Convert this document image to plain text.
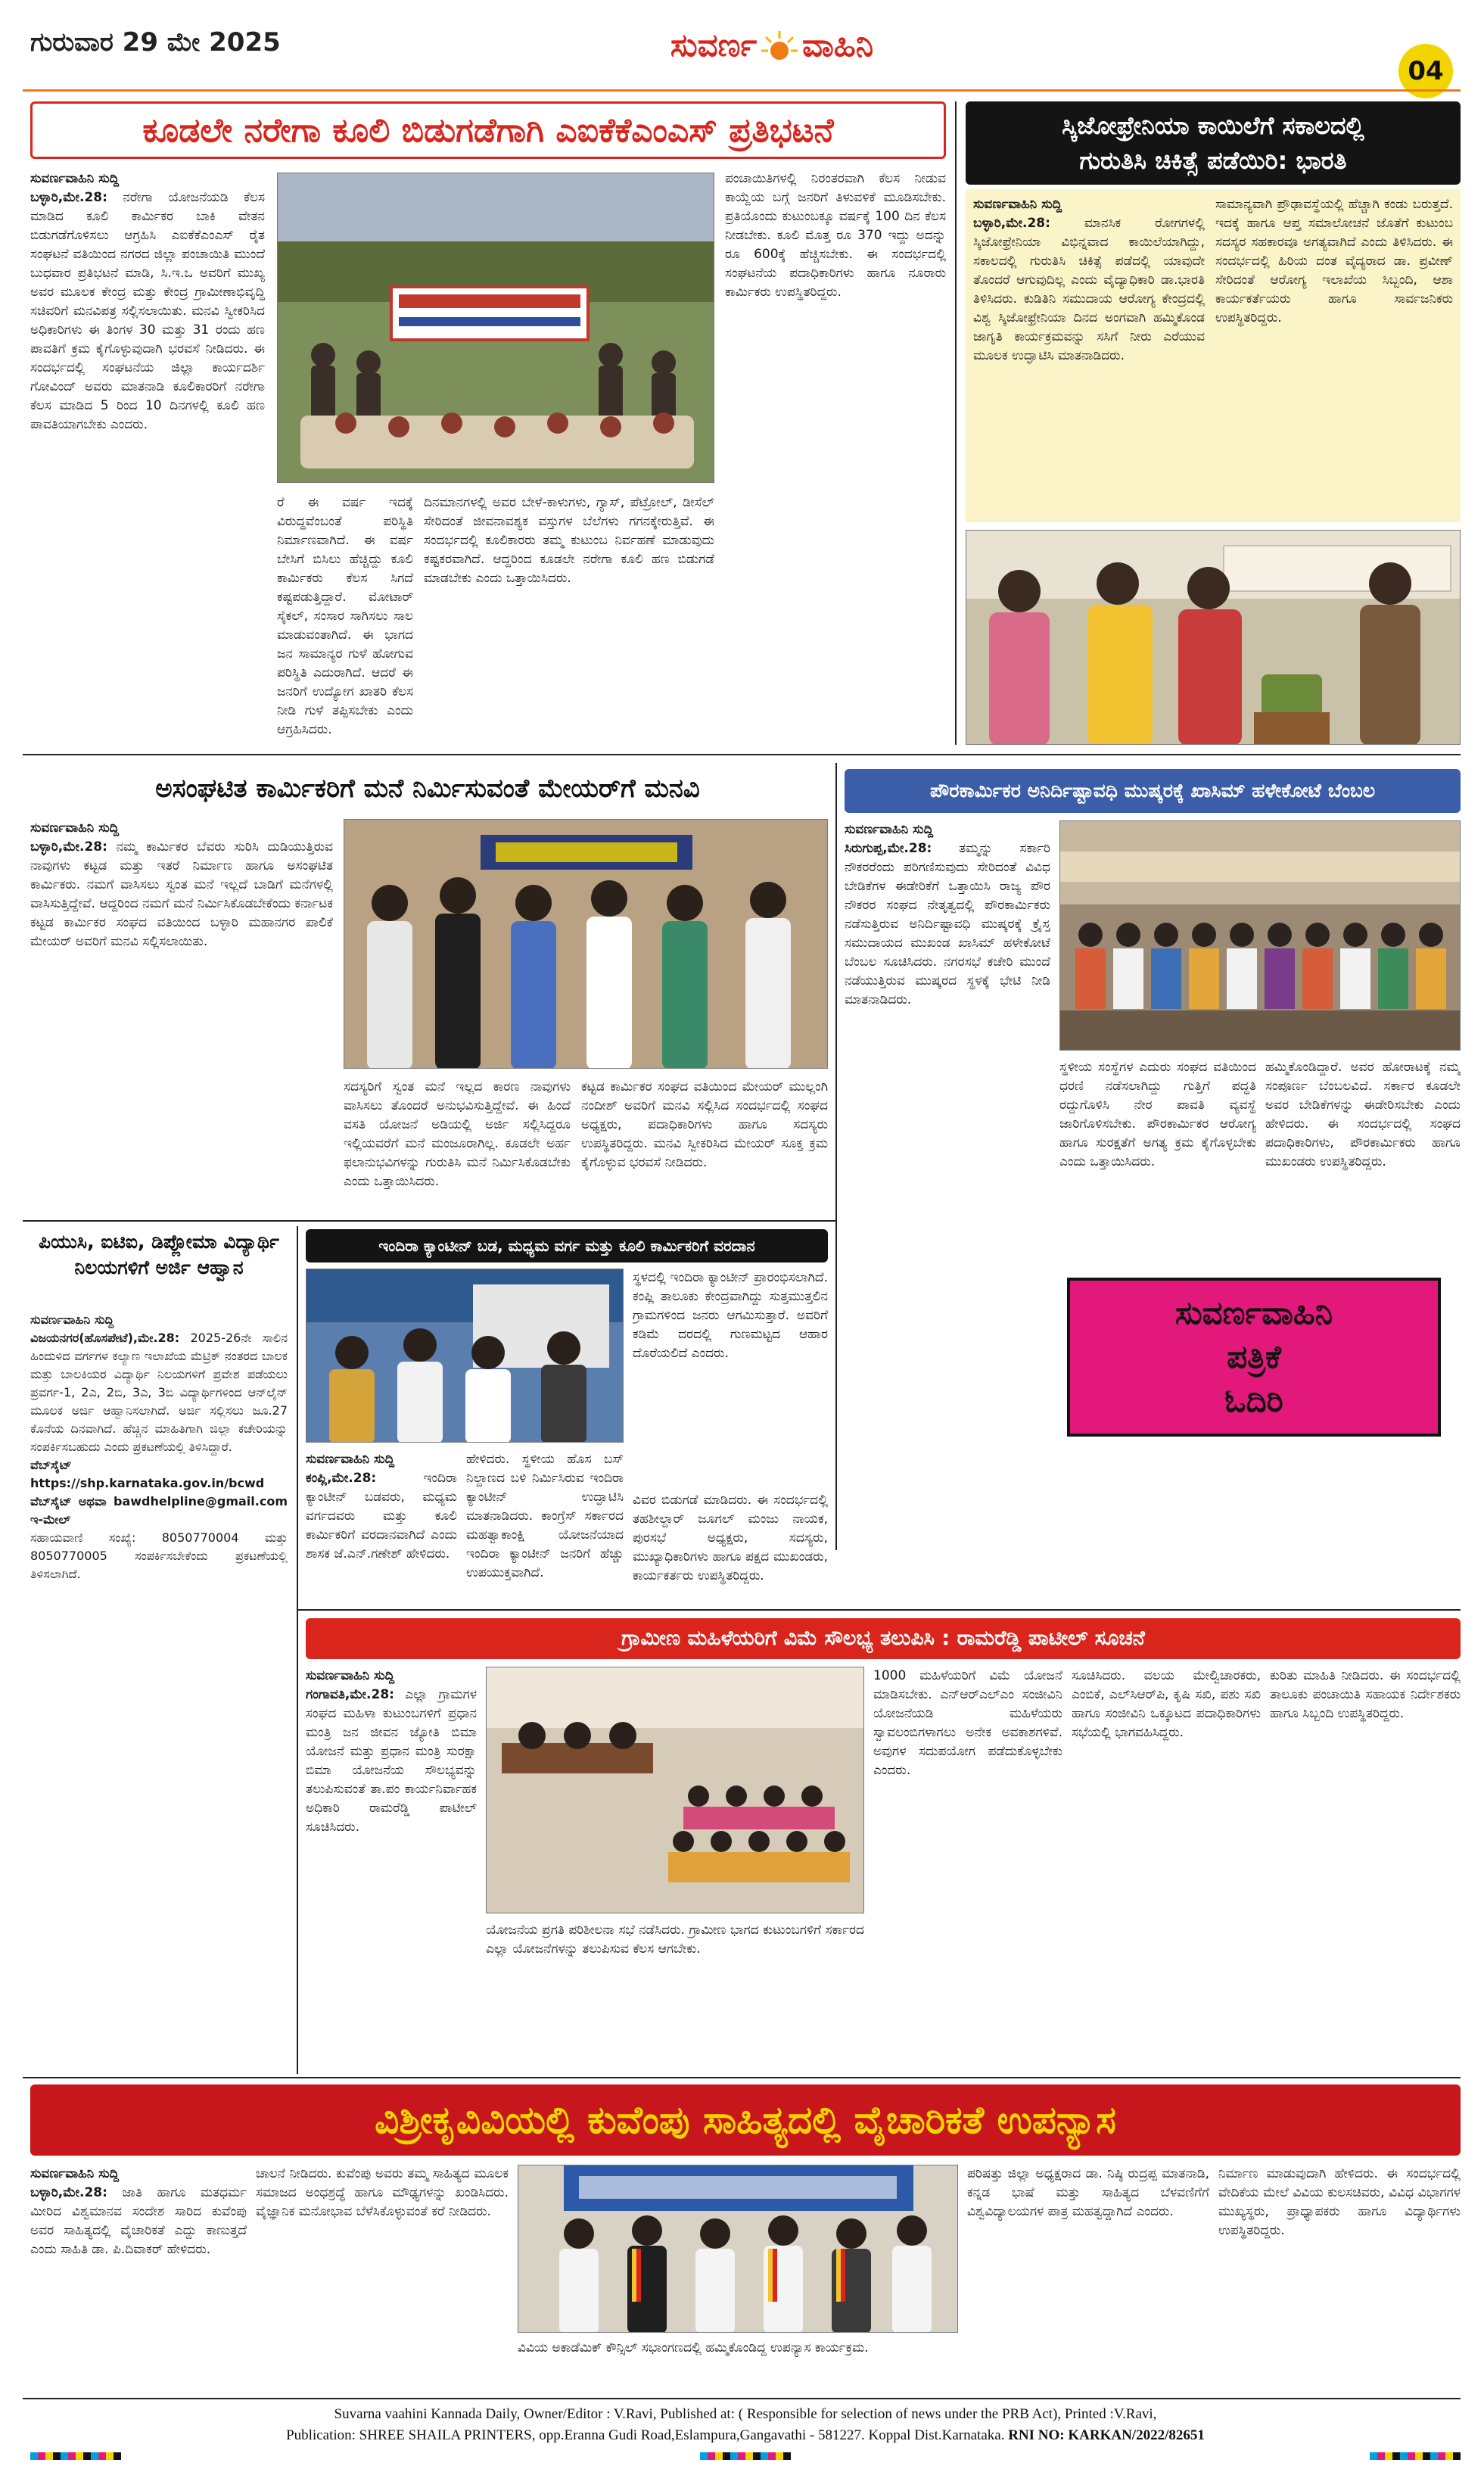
ಗುರುವಾರ 29 ಮೇ 2025	ಸುವರ್ಣ ವಾಹಿನಿ
04
ಕೂಡಲೇ ನರೇಗಾ ಕೂಲಿ ಬಿಡುಗಡೆಗಾಗಿ ಎಐಕೆಕೆಎಂಎಸ್ ಪ್ರತಿಭಟನೆ
ಸುವರ್ಣವಾಹಿನಿ ಸುದ್ದಿ
ಬಳ್ಳಾರಿ,ಮೇ.28: ನರೇಗಾ ಯೋಜನೆಯಡಿ ಕೆಲಸ ಮಾಡಿದ ಕೂಲಿ ಕಾರ್ಮಿಕರ ಬಾಕಿ ವೇತನ ಬಿಡುಗಡೆಗೊಳಿಸಲು ಆಗ್ರಹಿಸಿ ಎಐಕೆಕೆಎಂಎಸ್ ರೈತ ಸಂಘಟನೆ ವತಿಯಿಂದ ನಗರದ ಜಿಲ್ಲಾ ಪಂಚಾಯಿತಿ ಮುಂದೆ ಬುಧವಾರ ಪ್ರತಿಭಟನೆ ಮಾಡಿ, ಸಿ.ಇ.ಒ ಅವರಿಗೆ ಮುಖ್ಯ ಅವರ ಮೂಲಕ ಕೇಂದ್ರ ಮತ್ತು ಕೇಂದ್ರ ಗ್ರಾಮೀಣಾಭಿವೃದ್ಧಿ ಸಚಿವರಿಗೆ ಮನವಿಪತ್ರ ಸಲ್ಲಿಸಲಾಯಿತು. ಮನವಿ ಸ್ವೀಕರಿಸಿದ ಅಧಿಕಾರಿಗಳು ಈ ತಿಂಗಳ 30 ಮತ್ತು 31 ರಂದು ಹಣ ಪಾವತಿಗೆ ಕ್ರಮ ಕೈಗೊಳ್ಳುವುದಾಗಿ ಭರವಸೆ ನೀಡಿದರು. ಈ ಸಂದರ್ಭದಲ್ಲಿ ಸಂಘಟನೆಯ ಜಿಲ್ಲಾ ಕಾರ್ಯದರ್ಶಿ ಗೋವಿಂದ್ ಅವರು ಮಾತನಾಡಿ ಕೂಲಿಕಾರರಿಗೆ ನರೇಗಾ ಕೆಲಸ ಮಾಡಿದ 5 ರಿಂದ 10 ದಿನಗಳಲ್ಲಿ ಕೂಲಿ ಹಣ ಪಾವತಿಯಾಗಬೇಕು ಎಂದರು.
ರೆ ಈ ವರ್ಷ ಇದಕ್ಕೆ ವಿರುದ್ಧವೆಂಬಂತೆ ಪರಿಸ್ಥಿತಿ ನಿರ್ಮಾಣವಾಗಿದೆ. ಈ ವರ್ಷ ಬೇಸಿಗೆ ಬಿಸಿಲು ಹೆಚ್ಚಿದ್ದು ಕೂಲಿ ಕಾರ್ಮಿಕರು ಕೆಲಸ ಸಿಗದೆ ಕಷ್ಟಪಡುತ್ತಿದ್ದಾರೆ. ಮೋಟಾರ್ ಸೈಕಲ್, ಸಂಸಾರ ಸಾಗಿಸಲು ಸಾಲ ಮಾಡುವಂತಾಗಿದೆ. ಈ ಭಾಗದ ಜನ ಸಾಮಾನ್ಯರ ಗುಳೆ ಹೋಗುವ ಪರಿಸ್ಥಿತಿ ಎದುರಾಗಿದೆ. ಆದರೆ ಈ ಜನರಿಗೆ ಉದ್ಯೋಗ ಖಾತರಿ ಕೆಲಸ ನೀಡಿ ಗುಳೆ ತಪ್ಪಿಸಬೇಕು ಎಂದು ಆಗ್ರಹಿಸಿದರು.
ದಿನಮಾನಗಳಲ್ಲಿ ಅವರ ಬೇಳೆ-ಕಾಳುಗಳು, ಗ್ಯಾಸ್, ಪೆಟ್ರೋಲ್, ಡೀಸೆಲ್ ಸೇರಿದಂತೆ ಜೀವನಾವಶ್ಯಕ ವಸ್ತುಗಳ ಬೆಲೆಗಳು ಗಗನಕ್ಕೇರುತ್ತಿವೆ. ಈ ಸಂದರ್ಭದಲ್ಲಿ ಕೂಲಿಕಾರರು ತಮ್ಮ ಕುಟುಂಬ ನಿರ್ವಹಣೆ ಮಾಡುವುದು ಕಷ್ಟಕರವಾಗಿದೆ. ಆದ್ದರಿಂದ ಕೂಡಲೇ ನರೇಗಾ ಕೂಲಿ ಹಣ ಬಿಡುಗಡೆ ಮಾಡಬೇಕು ಎಂದು ಒತ್ತಾಯಿಸಿದರು.
ಪಂಚಾಯಿತಿಗಳಲ್ಲಿ ನಿರಂತರವಾಗಿ ಕೆಲಸ ನೀಡುವ ಕಾಯ್ದೆಯ ಬಗ್ಗೆ ಜನರಿಗೆ ತಿಳುವಳಿಕೆ ಮೂಡಿಸಬೇಕು. ಪ್ರತಿಯೊಂದು ಕುಟುಂಬಕ್ಕೂ ವರ್ಷಕ್ಕೆ 100 ದಿನ ಕೆಲಸ ನೀಡಬೇಕು. ಕೂಲಿ ಮೊತ್ತ ರೂ 370 ಇದ್ದು ಅದನ್ನು ರೂ 600ಕ್ಕೆ ಹೆಚ್ಚಿಸಬೇಕು. ಈ ಸಂದರ್ಭದಲ್ಲಿ ಸಂಘಟನೆಯ ಪದಾಧಿಕಾರಿಗಳು ಹಾಗೂ ನೂರಾರು ಕಾರ್ಮಿಕರು ಉಪಸ್ಥಿತರಿದ್ದರು.
ಸ್ಕಿಜೋಫ್ರೇನಿಯಾ ಕಾಯಿಲೆಗೆ ಸಕಾಲದಲ್ಲಿ
ಗುರುತಿಸಿ ಚಿಕಿತ್ಸೆ ಪಡೆಯಿರಿ: ಭಾರತಿ
ಸುವರ್ಣವಾಹಿನಿ ಸುದ್ದಿ
ಬಳ್ಳಾರಿ,ಮೇ.28:	ಮಾನಸಿಕ ರೋಗಗಳಲ್ಲಿ ಸ್ಕಿಜೋಫ್ರೇನಿಯಾ ವಿಭಿನ್ನವಾದ ಕಾಯಿಲೆಯಾಗಿದ್ದು, ಸಕಾಲದಲ್ಲಿ ಗುರುತಿಸಿ ಚಿಕಿತ್ಸೆ ಪಡೆದಲ್ಲಿ ಯಾವುದೇ ತೊಂದರೆ ಆಗುವುದಿಲ್ಲ ಎಂದು ವೈದ್ಯಾಧಿಕಾರಿ ಡಾ.ಭಾರತಿ ತಿಳಿಸಿದರು. ಕುಡಿತಿನಿ ಸಮುದಾಯ ಆರೋಗ್ಯ ಕೇಂದ್ರದಲ್ಲಿ ವಿಶ್ವ ಸ್ಕಿಜೋಫ್ರೇನಿಯಾ ದಿನದ ಅಂಗವಾಗಿ ಹಮ್ಮಿಕೊಂಡ ಜಾಗೃತಿ ಕಾರ್ಯಕ್ರಮವನ್ನು ಸಸಿಗೆ ನೀರು ಎರೆಯುವ ಮೂಲಕ ಉದ್ಘಾಟಿಸಿ ಮಾತನಾಡಿದರು.
ಸಾಮಾನ್ಯವಾಗಿ ಪ್ರೌಢಾವಸ್ಥೆಯಲ್ಲಿ ಹೆಚ್ಚಾಗಿ ಕಂಡು ಬರುತ್ತದೆ. ಇದಕ್ಕೆ ಹಾಗೂ ಆಪ್ತ ಸಮಾಲೋಚನೆ ಜೊತೆಗೆ ಕುಟುಂಬ ಸದಸ್ಯರ ಸಹಕಾರವೂ ಅಗತ್ಯವಾಗಿದೆ ಎಂದು ತಿಳಿಸಿದರು. ಈ ಸಂದರ್ಭದಲ್ಲಿ ಹಿರಿಯ ದಂತ ವೈದ್ಯರಾದ ಡಾ. ಪ್ರವೀಣ್ ಸೇರಿದಂತೆ ಆರೋಗ್ಯ ಇಲಾಖೆಯ ಸಿಬ್ಬಂದಿ, ಆಶಾ ಕಾರ್ಯಕರ್ತೆಯರು ಹಾಗೂ ಸಾರ್ವಜನಿಕರು ಉಪಸ್ಥಿತರಿದ್ದರು.
ಅಸಂಘಟಿತ ಕಾರ್ಮಿಕರಿಗೆ ಮನೆ ನಿರ್ಮಿಸುವಂತೆ ಮೇಯರ್‌ಗೆ ಮನವಿ
ಸುವರ್ಣವಾಹಿನಿ ಸುದ್ದಿ
ಬಳ್ಳಾರಿ,ಮೇ.28: ನಮ್ಮ ಕಾರ್ಮಿಕರ ಬೆವರು ಸುರಿಸಿ ದುಡಿಯುತ್ತಿರುವ ನಾವುಗಳು ಕಟ್ಟಡ ಮತ್ತು ಇತರೆ ನಿರ್ಮಾಣ ಹಾಗೂ ಅಸಂಘಟಿತ ಕಾರ್ಮಿಕರು. ನಮಗೆ ವಾಸಿಸಲು ಸ್ವಂತ ಮನೆ ಇಲ್ಲದೆ ಬಾಡಿಗೆ ಮನೆಗಳಲ್ಲಿ ವಾಸಿಸುತ್ತಿದ್ದೇವೆ. ಆದ್ದರಿಂದ ನಮಗೆ ಮನೆ ನಿರ್ಮಿಸಿಕೊಡಬೇಕೆಂದು ಕರ್ನಾಟಕ ಕಟ್ಟಡ ಕಾರ್ಮಿಕರ ಸಂಘದ ವತಿಯಿಂದ ಬಳ್ಳಾರಿ ಮಹಾನಗರ ಪಾಲಿಕೆ ಮೇಯರ್ ಅವರಿಗೆ ಮನವಿ ಸಲ್ಲಿಸಲಾಯಿತು.
ಸದಸ್ಯರಿಗೆ ಸ್ವಂತ ಮನೆ ಇಲ್ಲದ ಕಾರಣ ನಾವುಗಳು ವಾಸಿಸಲು ತೊಂದರೆ ಅನುಭವಿಸುತ್ತಿದ್ದೇವೆ. ಈ ಹಿಂದೆ ವಸತಿ ಯೋಜನೆ ಅಡಿಯಲ್ಲಿ ಅರ್ಜಿ ಸಲ್ಲಿಸಿದ್ದರೂ ಇಲ್ಲಿಯವರೆಗೆ ಮನೆ ಮಂಜೂರಾಗಿಲ್ಲ. ಕೂಡಲೇ ಅರ್ಹ ಫಲಾನುಭವಿಗಳನ್ನು ಗುರುತಿಸಿ ಮನೆ ನಿರ್ಮಿಸಿಕೊಡಬೇಕು ಎಂದು ಒತ್ತಾಯಿಸಿದರು.
ಕಟ್ಟಡ ಕಾರ್ಮಿಕರ ಸಂಘದ ವತಿಯಿಂದ ಮೇಯರ್ ಮುಲ್ಲಂಗಿ ನಂದೀಶ್ ಅವರಿಗೆ ಮನವಿ ಸಲ್ಲಿಸಿದ ಸಂದರ್ಭದಲ್ಲಿ ಸಂಘದ ಅಧ್ಯಕ್ಷರು, ಪದಾಧಿಕಾರಿಗಳು ಹಾಗೂ ಸದಸ್ಯರು ಉಪಸ್ಥಿತರಿದ್ದರು. ಮನವಿ ಸ್ವೀಕರಿಸಿದ ಮೇಯರ್ ಸೂಕ್ತ ಕ್ರಮ ಕೈಗೊಳ್ಳುವ ಭರವಸೆ ನೀಡಿದರು.
ಪೌರಕಾರ್ಮಿಕರ ಅನಿರ್ದಿಷ್ಟಾವಧಿ ಮುಷ್ಕರಕ್ಕೆ ಖಾಸಿಮ್ ಹಳೇಕೋಟೆ ಬೆಂಬಲ
ಸುವರ್ಣವಾಹಿನಿ ಸುದ್ದಿ
ಸಿರುಗುಪ್ಪ,ಮೇ.28: ತಮ್ಮನ್ನು ಸರ್ಕಾರಿ ನೌಕರರೆಂದು ಪರಿಗಣಿಸುವುದು ಸೇರಿದಂತೆ ವಿವಿಧ ಬೇಡಿಕೆಗಳ ಈಡೇರಿಕೆಗೆ ಒತ್ತಾಯಿಸಿ ರಾಜ್ಯ ಪೌರ ನೌಕರರ ಸಂಘದ ನೇತೃತ್ವದಲ್ಲಿ ಪೌರಕಾರ್ಮಿಕರು ನಡೆಸುತ್ತಿರುವ ಅನಿರ್ದಿಷ್ಟಾವಧಿ ಮುಷ್ಕರಕ್ಕೆ ಕ್ರೈಸ್ತ ಸಮುದಾಯದ ಮುಖಂಡ ಖಾಸಿಮ್ ಹಳೇಕೋಟೆ ಬೆಂಬಲ ಸೂಚಿಸಿದರು. ನಗರಸಭೆ ಕಚೇರಿ ಮುಂದೆ ನಡೆಯುತ್ತಿರುವ ಮುಷ್ಕರದ ಸ್ಥಳಕ್ಕೆ ಭೇಟಿ ನೀಡಿ ಮಾತನಾಡಿದರು.
ಸ್ಥಳೀಯ ಸಂಸ್ಥೆಗಳ ಎದುರು ಸಂಘದ ವತಿಯಿಂದ ಧರಣಿ ನಡೆಸಲಾಗಿದ್ದು ಗುತ್ತಿಗೆ ಪದ್ಧತಿ ರದ್ದುಗೊಳಿಸಿ ನೇರ ಪಾವತಿ ವ್ಯವಸ್ಥೆ ಜಾರಿಗೊಳಿಸಬೇಕು. ಪೌರಕಾರ್ಮಿಕರ ಆರೋಗ್ಯ ಹಾಗೂ ಸುರಕ್ಷತೆಗೆ ಅಗತ್ಯ ಕ್ರಮ ಕೈಗೊಳ್ಳಬೇಕು ಎಂದು ಒತ್ತಾಯಿಸಿದರು.
ಹಮ್ಮಿಕೊಂಡಿದ್ದಾರೆ. ಅವರ ಹೋರಾಟಕ್ಕೆ ನಮ್ಮ ಸಂಪೂರ್ಣ ಬೆಂಬಲವಿದೆ. ಸರ್ಕಾರ ಕೂಡಲೇ ಅವರ ಬೇಡಿಕೆಗಳನ್ನು ಈಡೇರಿಸಬೇಕು ಎಂದು ಹೇಳಿದರು. ಈ ಸಂದರ್ಭದಲ್ಲಿ ಸಂಘದ ಪದಾಧಿಕಾರಿಗಳು, ಪೌರಕಾರ್ಮಿಕರು ಹಾಗೂ ಮುಖಂಡರು ಉಪಸ್ಥಿತರಿದ್ದರು.
ಪಿಯುಸಿ, ಐಟಿಐ, ಡಿಪ್ಲೋಮಾ ವಿದ್ಯಾರ್ಥಿ ನಿಲಯಗಳಿಗೆ ಅರ್ಜಿ ಆಹ್ವಾನ
ಸುವರ್ಣವಾಹಿನಿ ಸುದ್ದಿ
ವಿಜಯನಗರ(ಹೊಸಪೇಟೆ),ಮೇ.28: 2025-26ನೇ ಸಾಲಿನ ಹಿಂದುಳಿದ ವರ್ಗಗಳ ಕಲ್ಯಾಣ ಇಲಾಖೆಯ ಮೆಟ್ರಿಕ್ ನಂತರದ ಬಾಲಕ ಮತ್ತು ಬಾಲಕಿಯರ ವಿದ್ಯಾರ್ಥಿ ನಿಲಯಗಳಿಗೆ ಪ್ರವೇಶ ಪಡೆಯಲು ಪ್ರವರ್ಗ-1, 2ಎ, 2ಬಿ, 3ಎ, 3ಬಿ ವಿದ್ಯಾರ್ಥಿಗಳಿಂದ ಆನ್‌ಲೈನ್ ಮೂಲಕ ಅರ್ಜಿ ಆಹ್ವಾನಿಸಲಾಗಿದೆ. ಅರ್ಜಿ ಸಲ್ಲಿಸಲು ಜೂ.27 ಕೊನೆಯ ದಿನವಾಗಿದೆ. ಹೆಚ್ಚಿನ ಮಾಹಿತಿಗಾಗಿ ಜಿಲ್ಲಾ ಕಚೇರಿಯನ್ನು ಸಂಪರ್ಕಿಸಬಹುದು ಎಂದು ಪ್ರಕಟಣೆಯಲ್ಲಿ ತಿಳಿಸಿದ್ದಾರೆ.
ವೆಬ್‌ಸೈಟ್ https://shp.karnataka.gov.in/bcwd ವೆಬ್‌ಸೈಟ್ ಅಥವಾ bawdhelpline@gmail.com ಇ-ಮೇಲ್
ಸಹಾಯವಾಣಿ ಸಂಖ್ಯೆ: 8050770004 ಮತ್ತು 8050770005 ಸಂಪರ್ಕಿಸಬೇಕೆಂದು ಪ್ರಕಟಣೆಯಲ್ಲಿ ತಿಳಿಸಲಾಗಿದೆ.
ಇಂದಿರಾ ಕ್ಯಾಂಟೀನ್ ಬಡ, ಮಧ್ಯಮ ವರ್ಗ ಮತ್ತು ಕೂಲಿ ಕಾರ್ಮಿಕರಿಗೆ ವರದಾನ
ಸ್ಥಳದಲ್ಲಿ ಇಂದಿರಾ ಕ್ಯಾಂಟೀನ್ ಪ್ರಾರಂಭಿಸಲಾಗಿದೆ. ಕಂಪ್ಲಿ ತಾಲೂಕು ಕೇಂದ್ರವಾಗಿದ್ದು ಸುತ್ತಮುತ್ತಲಿನ ಗ್ರಾಮಗಳಿಂದ ಜನರು ಆಗಮಿಸುತ್ತಾರೆ. ಅವರಿಗೆ ಕಡಿಮೆ ದರದಲ್ಲಿ ಗುಣಮಟ್ಟದ ಆಹಾರ ದೊರೆಯಲಿದೆ ಎಂದರು.
ಸುವರ್ಣವಾಹಿನಿ ಸುದ್ದಿ
ಕಂಪ್ಲಿ,ಮೇ.28:	ಇಂದಿರಾ ಕ್ಯಾಂಟೀನ್ ಬಡವರು, ಮಧ್ಯಮ ವರ್ಗದವರು ಮತ್ತು ಕೂಲಿ ಕಾರ್ಮಿಕರಿಗೆ ವರದಾನವಾಗಿದೆ ಎಂದು ಶಾಸಕ ಜೆ.ಎನ್.ಗಣೇಶ್ ಹೇಳಿದರು.
ಹೇಳಿದರು. ಸ್ಥಳೀಯ ಹೊಸ ಬಸ್ ನಿಲ್ದಾಣದ ಬಳಿ ನಿರ್ಮಿಸಿರುವ ಇಂದಿರಾ ಕ್ಯಾಂಟೀನ್ ಉದ್ಘಾಟಿಸಿ ಮಾತನಾಡಿದರು. ಕಾಂಗ್ರೆಸ್ ಸರ್ಕಾರದ ಮಹತ್ವಾಕಾಂಕ್ಷಿ ಯೋಜನೆಯಾದ ಇಂದಿರಾ ಕ್ಯಾಂಟೀನ್ ಜನರಿಗೆ ಹೆಚ್ಚು ಉಪಯುಕ್ತವಾಗಿದೆ.
ವಿವರ ಬಿಡುಗಡೆ ಮಾಡಿದರು. ಈ ಸಂದರ್ಭದಲ್ಲಿ ತಹಶೀಲ್ದಾರ್ ಜೂಗಲ್ ಮಂಜು ನಾಯಕ, ಪುರಸಭೆ ಅಧ್ಯಕ್ಷರು, ಸದಸ್ಯರು, ಮುಖ್ಯಾಧಿಕಾರಿಗಳು ಹಾಗೂ ಪಕ್ಷದ ಮುಖಂಡರು, ಕಾರ್ಯಕರ್ತರು ಉಪಸ್ಥಿತರಿದ್ದರು.
ಸುವರ್ಣವಾಹಿನಿ
ಪತ್ರಿಕೆ
ಓದಿರಿ
ಗ್ರಾಮೀಣ ಮಹಿಳೆಯರಿಗೆ ವಿಮೆ ಸೌಲಭ್ಯ ತಲುಪಿಸಿ : ರಾಮರೆಡ್ಡಿ ಪಾಟೀಲ್ ಸೂಚನೆ
ಸುವರ್ಣವಾಹಿನಿ ಸುದ್ದಿ
ಗಂಗಾವತಿ,ಮೇ.28: ಎಲ್ಲಾ ಗ್ರಾಮಗಳ ಸಂಘದ ಮಹಿಳಾ ಕುಟುಂಬಗಳಿಗೆ ಪ್ರಧಾನ ಮಂತ್ರಿ ಜನ ಜೀವನ ಜ್ಯೋತಿ ಬಿಮಾ ಯೋಜನೆ ಮತ್ತು ಪ್ರಧಾನ ಮಂತ್ರಿ ಸುರಕ್ಷಾ ಬಿಮಾ ಯೋಜನೆಯ ಸೌಲಭ್ಯವನ್ನು ತಲುಪಿಸುವಂತೆ ತಾ.ಪಂ ಕಾರ್ಯನಿರ್ವಾಹಕ ಅಧಿಕಾರಿ ರಾಮರೆಡ್ಡಿ ಪಾಟೀಲ್ ಸೂಚಿಸಿದರು.
ಯೋಜನೆಯ ಪ್ರಗತಿ ಪರಿಶೀಲನಾ ಸಭೆ ನಡೆಸಿದರು. ಗ್ರಾಮೀಣ ಭಾಗದ ಕುಟುಂಬಗಳಿಗೆ ಸರ್ಕಾರದ ಎಲ್ಲಾ ಯೋಜನೆಗಳನ್ನು ತಲುಪಿಸುವ ಕೆಲಸ ಆಗಬೇಕು.
1000 ಮಹಿಳೆಯರಿಗೆ ವಿಮೆ ಯೋಜನೆ ಮಾಡಿಸಬೇಕು. ಎನ್‌ಆರ್‌ಎಲ್‌ಎಂ ಸಂಜೀವಿನಿ ಯೋಜನೆಯಡಿ ಮಹಿಳೆಯರು ಸ್ವಾವಲಂಬಿಗಳಾಗಲು ಅನೇಕ ಅವಕಾಶಗಳಿವೆ. ಅವುಗಳ ಸದುಪಯೋಗ ಪಡೆದುಕೊಳ್ಳಬೇಕು ಎಂದರು.
ಸೂಚಿಸಿದರು. ವಲಯ ಮೇಲ್ವಿಚಾರಕರು, ಎಂಬಿಕೆ, ಎಲ್‌ಸಿಆರ್‌ಪಿ, ಕೃಷಿ ಸಖಿ, ಪಶು ಸಖಿ ಹಾಗೂ ಸಂಜೀವಿನಿ ಒಕ್ಕೂಟದ ಪದಾಧಿಕಾರಿಗಳು ಸಭೆಯಲ್ಲಿ ಭಾಗವಹಿಸಿದ್ದರು.
ಕುರಿತು ಮಾಹಿತಿ ನೀಡಿದರು. ಈ ಸಂದರ್ಭದಲ್ಲಿ ತಾಲೂಕು ಪಂಚಾಯಿತಿ ಸಹಾಯಕ ನಿರ್ದೇಶಕರು ಹಾಗೂ ಸಿಬ್ಬಂದಿ ಉಪಸ್ಥಿತರಿದ್ದರು.
ವಿಶ್ರೀಕೃವಿವಿಯಲ್ಲಿ ಕುವೆಂಪು ಸಾಹಿತ್ಯದಲ್ಲಿ ವೈಚಾರಿಕತೆ ಉಪನ್ಯಾಸ
ಸುವರ್ಣವಾಹಿನಿ ಸುದ್ದಿ
ಬಳ್ಳಾರಿ,ಮೇ.28: ಜಾತಿ ಹಾಗೂ ಮತಧರ್ಮ ಮೀರಿದ ವಿಶ್ವಮಾನವ ಸಂದೇಶ ಸಾರಿದ ಕುವೆಂಪು ಅವರ ಸಾಹಿತ್ಯದಲ್ಲಿ ವೈಚಾರಿಕತೆ ಎದ್ದು ಕಾಣುತ್ತದೆ ಎಂದು ಸಾಹಿತಿ ಡಾ. ಪಿ.ದಿವಾಕರ್ ಹೇಳಿದರು.
ಚಾಲನೆ ನೀಡಿದರು. ಕುವೆಂಪು ಅವರು ತಮ್ಮ ಸಾಹಿತ್ಯದ ಮೂಲಕ ಸಮಾಜದ ಅಂಧಶ್ರದ್ಧೆ ಹಾಗೂ ಮೌಢ್ಯಗಳನ್ನು ಖಂಡಿಸಿದರು. ವೈಜ್ಞಾನಿಕ ಮನೋಭಾವ ಬೆಳೆಸಿಕೊಳ್ಳುವಂತೆ ಕರೆ ನೀಡಿದರು.
ವಿವಿಯ ಅಕಾಡೆಮಿಕ್ ಕೌನ್ಸಿಲ್ ಸಭಾಂಗಣದಲ್ಲಿ ಹಮ್ಮಿಕೊಂಡಿದ್ದ ಉಪನ್ಯಾಸ ಕಾರ್ಯಕ್ರಮ.
ಪರಿಷತ್ತು ಜಿಲ್ಲಾ ಅಧ್ಯಕ್ಷರಾದ ಡಾ. ನಿಷ್ಠಿ ರುದ್ರಪ್ಪ ಮಾತನಾಡಿ, ಕನ್ನಡ ಭಾಷೆ ಮತ್ತು ಸಾಹಿತ್ಯದ ಬೆಳವಣಿಗೆಗೆ ವಿಶ್ವವಿದ್ಯಾಲಯಗಳ ಪಾತ್ರ ಮಹತ್ವದ್ದಾಗಿದೆ ಎಂದರು.
ನಿರ್ಮಾಣ ಮಾಡುವುದಾಗಿ ಹೇಳಿದರು. ಈ ಸಂದರ್ಭದಲ್ಲಿ ವೇದಿಕೆಯ ಮೇಲೆ ವಿವಿಯ ಕುಲಸಚಿವರು, ವಿವಿಧ ವಿಭಾಗಗಳ ಮುಖ್ಯಸ್ಥರು, ಪ್ರಾಧ್ಯಾಪಕರು ಹಾಗೂ ವಿದ್ಯಾರ್ಥಿಗಳು ಉಪಸ್ಥಿತರಿದ್ದರು.
Suvarna vaahini Kannada Daily, Owner/Editor : V.Ravi, Published at: ( Responsible for selection of news under the PRB Act), Printed :V.Ravi,
Publication: SHREE SHAILA PRINTERS, opp.Eranna Gudi Road,Eslampura,Gangavathi - 581227. Koppal Dist.Karnataka. RNI NO: KARKAN/2022/82651
